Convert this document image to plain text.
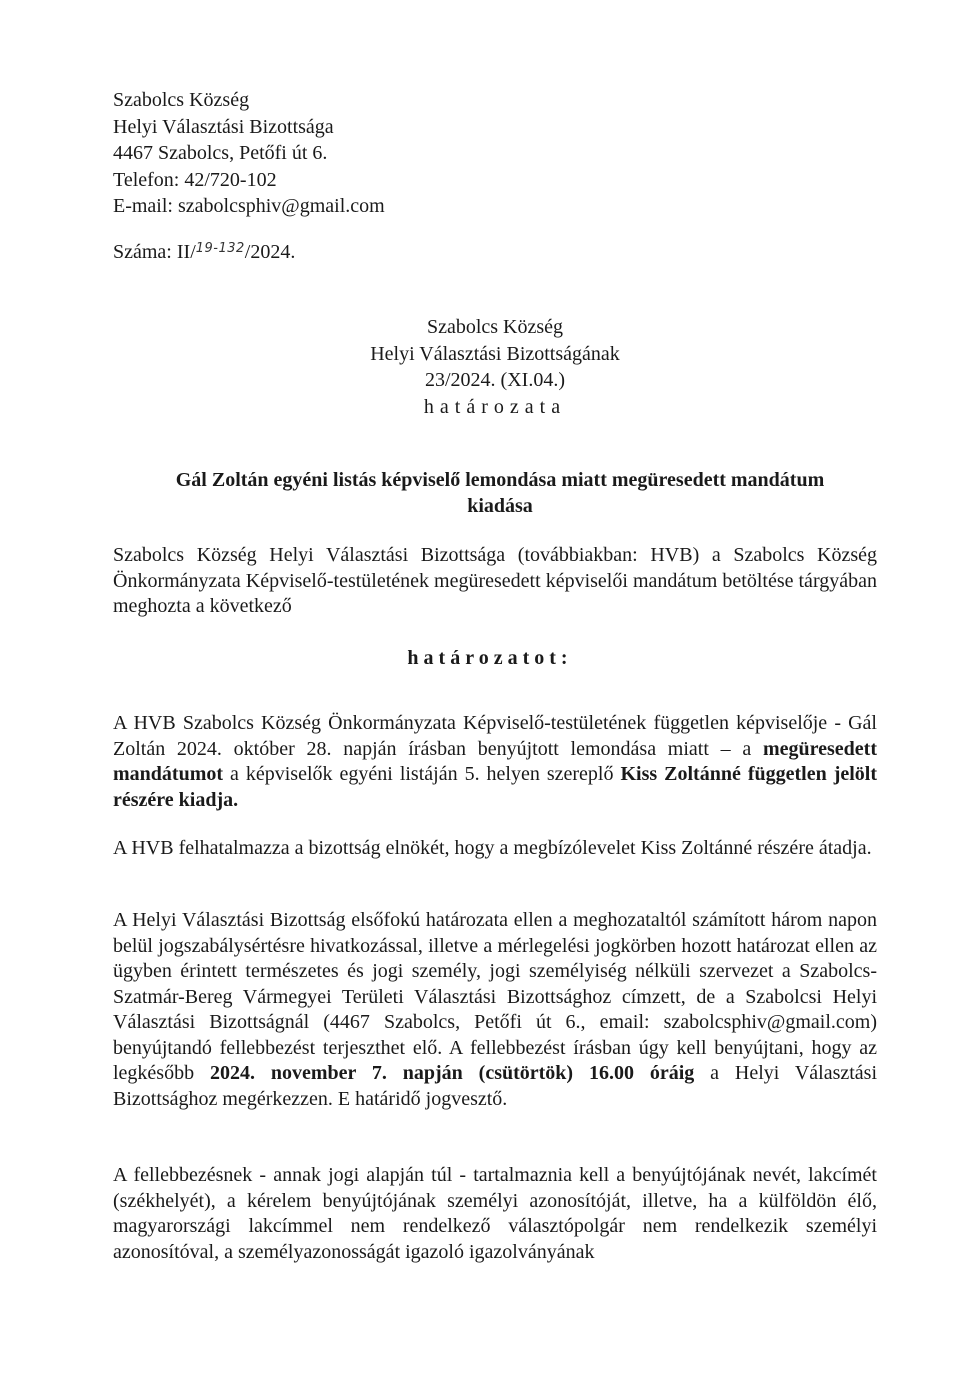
Szabolcs Község
Helyi Választási Bizottsága
4467 Szabolcs, Petőfi út 6.
Telefon: 42/720-102
E-mail: szabolcsphiv@gmail.com
Száma: II/$^{19-132}$/2024.
Szabolcs Község
Helyi Választási Bizottságának
23/2024. (XI.04.)
határozata
Gál Zoltán egyéni listás képviselő lemondása miatt megüresedett mandátum kiadása
Szabolcs Község Helyi Választási Bizottsága (továbbiakban: HVB) a Szabolcs Község Önkormányzata Képviselő-testületének megüresedett képviselői mandátum betöltése tárgyában meghozta a következő
határozatot:
A HVB Szabolcs Község Önkormányzata Képviselő-testületének független képviselője - Gál Zoltán 2024. október 28. napján írásban benyújtott lemondása miatt – a megüresedett mandátumot a képviselők egyéni listáján 5. helyen szereplő Kiss Zoltánné független jelölt részére kiadja.
A HVB felhatalmazza a bizottság elnökét, hogy a megbízólevelet Kiss Zoltánné részére átadja.
A Helyi Választási Bizottság elsőfokú határozata ellen a meghozataltól számított három napon belül jogszabálysértésre hivatkozással, illetve a mérlegelési jogkörben hozott határozat ellen az ügyben érintett természetes és jogi személy, jogi személyiség nélküli szervezet a Szabolcs-Szatmár-Bereg Vármegyei Területi Választási Bizottsághoz címzett, de a Szabolcsi Helyi Választási Bizottságnál (4467 Szabolcs, Petőfi út 6., email: szabolcsphiv@gmail.com) benyújtandó fellebbezést terjeszthet elő. A fellebbezést írásban úgy kell benyújtani, hogy az legkésőbb 2024. november 7. napján (csütörtök) 16.00 óráig a Helyi Választási Bizottsághoz megérkezzen. E határidő jogvesztő.
A fellebbezésnek - annak jogi alapján túl - tartalmaznia kell a benyújtójának nevét, lakcímét (székhelyét), a kérelem benyújtójának személyi azonosítóját, illetve, ha a külföldön élő, magyarországi lakcímmel nem rendelkező választópolgár nem rendelkezik személyi azonosítóval, a személyazonosságát igazoló igazolványának
